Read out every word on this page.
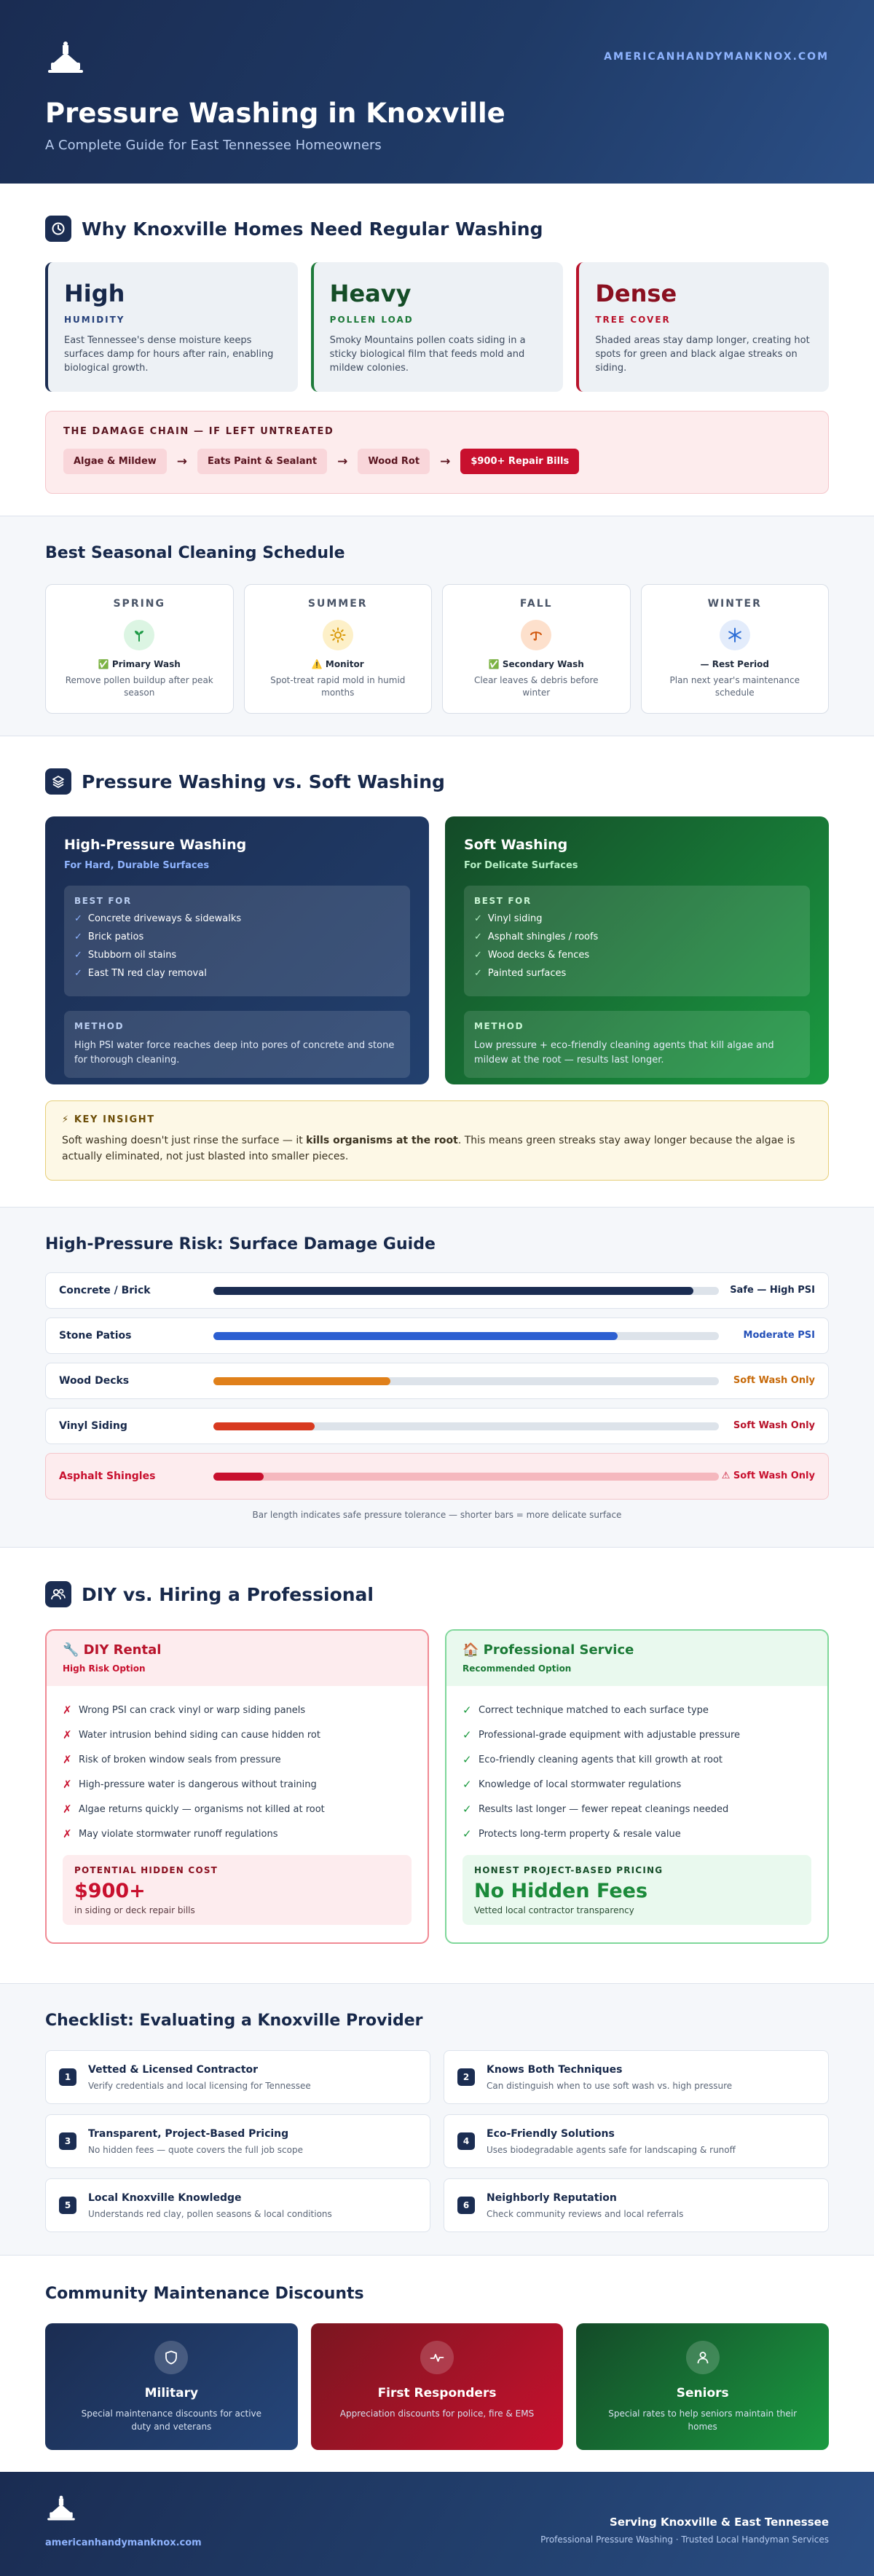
AMERICANHANDYMANKNOX.COM
Pressure Washing in Knoxville
A Complete Guide for East Tennessee Homeowners
Why Knoxville Homes Need Regular Washing
High
HUMIDITY
East Tennessee's dense moisture keeps surfaces damp for hours after rain, enabling biological growth.
Heavy
POLLEN LOAD
Smoky Mountains pollen coats siding in a sticky biological film that feeds mold and mildew colonies.
Dense
TREE COVER
Shaded areas stay damp longer, creating hot spots for green and black algae streaks on siding.
THE DAMAGE CHAIN — IF LEFT UNTREATED
Algae & Mildew	→	Eats Paint & Sealant	→	Wood Rot	→	$900+ Repair Bills
Best Seasonal Cleaning Schedule
SPRING
✅ Primary Wash
Remove pollen buildup after peak season
SUMMER
⚠️ Monitor
Spot-treat rapid mold in humid months
FALL
✅ Secondary Wash
Clear leaves & debris before winter
WINTER
— Rest Period
Plan next year's maintenance schedule
Pressure Washing vs. Soft Washing
High-Pressure Washing
For Hard, Durable Surfaces
BEST FOR
✓ Concrete driveways & sidewalks
✓ Brick patios
✓ Stubborn oil stains
✓ East TN red clay removal
METHOD
High PSI water force reaches deep into pores of concrete and stone for thorough cleaning.
Soft Washing
For Delicate Surfaces
BEST FOR
✓ Vinyl siding
✓ Asphalt shingles / roofs
✓ Wood decks & fences
✓ Painted surfaces
METHOD
Low pressure + eco-friendly cleaning agents that kill algae and mildew at the root — results last longer.
⚡ KEY INSIGHT
Soft washing doesn't just rinse the surface — it kills organisms at the root. This means green streaks stay away longer because the algae is actually eliminated, not just blasted into smaller pieces.
High-Pressure Risk: Surface Damage Guide
Concrete / Brick	Safe — High PSI
Stone Patios	Moderate PSI
Wood Decks	Soft Wash Only
Vinyl Siding	Soft Wash Only
Asphalt Shingles	⚠ Soft Wash Only
Bar length indicates safe pressure tolerance — shorter bars = more delicate surface
DIY vs. Hiring a Professional
🔧 DIY Rental
High Risk Option
✗ Wrong PSI can crack vinyl or warp siding panels
✗ Water intrusion behind siding can cause hidden rot
✗ Risk of broken window seals from pressure
✗ High-pressure water is dangerous without training
✗ Algae returns quickly — organisms not killed at root
✗ May violate stormwater runoff regulations
POTENTIAL HIDDEN COST
$900+
in siding or deck repair bills
🏠 Professional Service
Recommended Option
✓ Correct technique matched to each surface type
✓ Professional-grade equipment with adjustable pressure
✓ Eco-friendly cleaning agents that kill growth at root
✓ Knowledge of local stormwater regulations
✓ Results last longer — fewer repeat cleanings needed
✓ Protects long-term property & resale value
HONEST PROJECT-BASED PRICING
No Hidden Fees
Vetted local contractor transparency
Checklist: Evaluating a Knoxville Provider
1
Vetted & Licensed Contractor
Verify credentials and local licensing for Tennessee
2
Knows Both Techniques
Can distinguish when to use soft wash vs. high pressure
3
Transparent, Project-Based Pricing
No hidden fees — quote covers the full job scope
4
Eco-Friendly Solutions
Uses biodegradable agents safe for landscaping & runoff
5
Local Knoxville Knowledge
Understands red clay, pollen seasons & local conditions
6
Neighborly Reputation
Check community reviews and local referrals
Community Maintenance Discounts
Military
Special maintenance discounts for active duty and veterans
First Responders
Appreciation discounts for police, fire & EMS
Seniors
Special rates to help seniors maintain their homes
americanhandymanknox.com
Serving Knoxville & East Tennessee
Professional Pressure Washing · Trusted Local Handyman Services
